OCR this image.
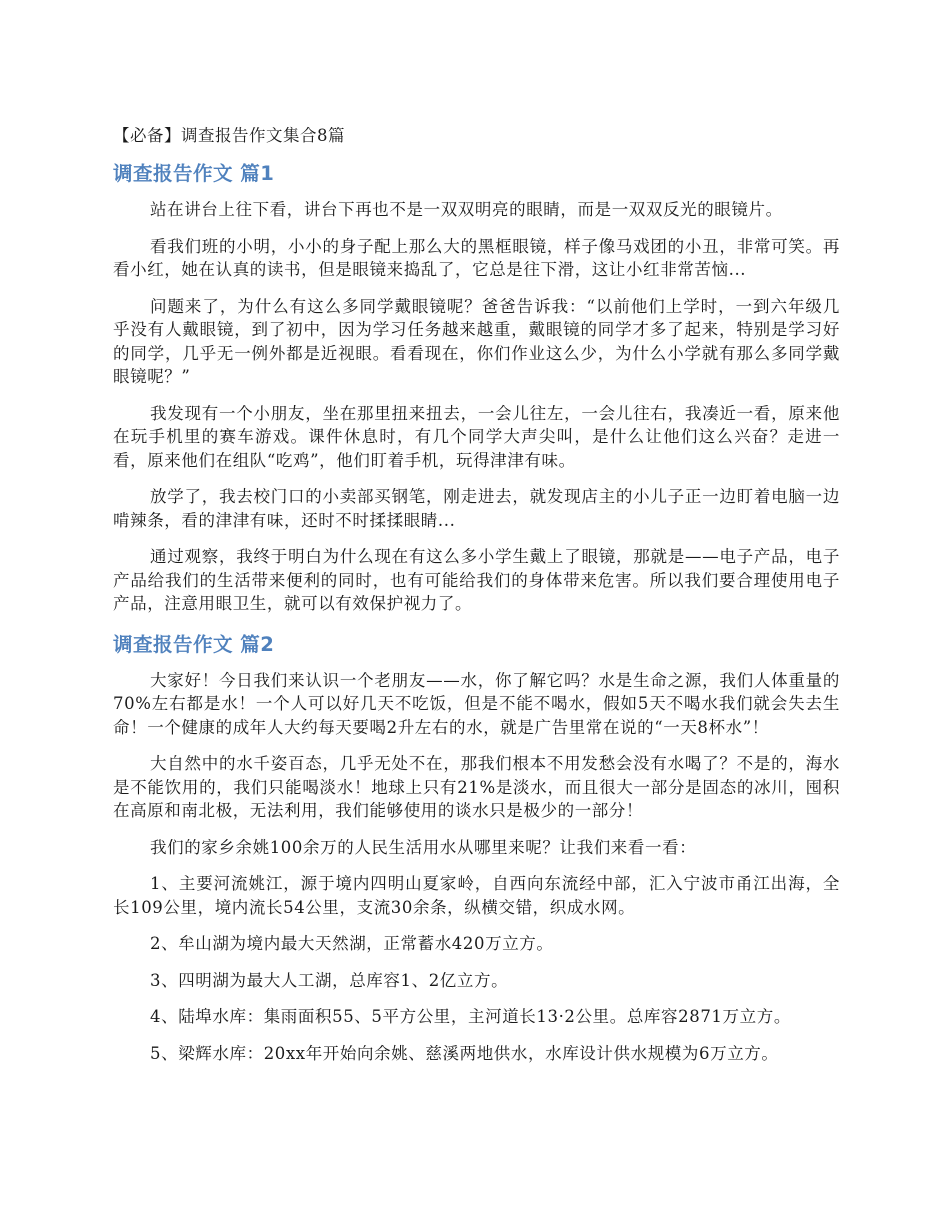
【必备】调查报告作文集合8篇
调查报告作文 篇1

站在讲台上往下看，讲台下再也不是一双双明亮的眼睛，而是一双双反光的眼镜片。

看我们班的小明，小小的身子配上那么大的黑框眼镜，样子像马戏团的小丑，非常可笑。再看小红，她在认真的读书，但是眼镜来捣乱了，它总是往下滑，这让小红非常苦恼...

问题来了，为什么有这么多同学戴眼镜呢？爸爸告诉我：“以前他们上学时，一到六年级几乎没有人戴眼镜，到了初中，因为学习任务越来越重，戴眼镜的同学才多了起来，特别是学习好的同学，几乎无一例外都是近视眼。看看现在，你们作业这么少，为什么小学就有那么多同学戴眼镜呢？”

我发现有一个小朋友，坐在那里扭来扭去，一会儿往左，一会儿往右，我凑近一看，原来他在玩手机里的赛车游戏。课件休息时，有几个同学大声尖叫，是什么让他们这么兴奋？走进一看，原来他们在组队“吃鸡”，他们盯着手机，玩得津津有味。

放学了，我去校门口的小卖部买钢笔，刚走进去，就发现店主的小儿子正一边盯着电脑一边啃辣条，看的津津有味，还时不时揉揉眼睛...

通过观察，我终于明白为什么现在有这么多小学生戴上了眼镜，那就是——电子产品，电子产品给我们的生活带来便利的同时，也有可能给我们的身体带来危害。所以我们要合理使用电子产品，注意用眼卫生，就可以有效保护视力了。

调查报告作文 篇2

大家好！今日我们来认识一个老朋友——水，你了解它吗？水是生命之源，我们人体重量的70%左右都是水！一个人可以好几天不吃饭，但是不能不喝水，假如5天不喝水我们就会失去生命！一个健康的成年人大约每天要喝2升左右的水，就是广告里常在说的“一天8杯水”！

大自然中的水千姿百态，几乎无处不在，那我们根本不用发愁会没有水喝了？不是的，海水是不能饮用的，我们只能喝淡水！地球上只有21%是淡水，而且很大一部分是固态的冰川，囤积在高原和南北极，无法利用，我们能够使用的谈水只是极少的一部分！

我们的家乡余姚100余万的人民生活用水从哪里来呢？让我们来看一看：

1、主要河流姚江，源于境内四明山夏家岭，自西向东流经中部，汇入宁波市甬江出海，全长109公里，境内流长54公里，支流30余条，纵横交错，织成水网。

2、牟山湖为境内最大天然湖，正常蓄水420万立方。

3、四明湖为最大人工湖，总库容1、2亿立方。

4、陆埠水库：集雨面积55、5平方公里，主河道长13·2公里。总库容2871万立方。

5、梁辉水库：20xx年开始向余姚、慈溪两地供水，水库设计供水规模为6万立方。
